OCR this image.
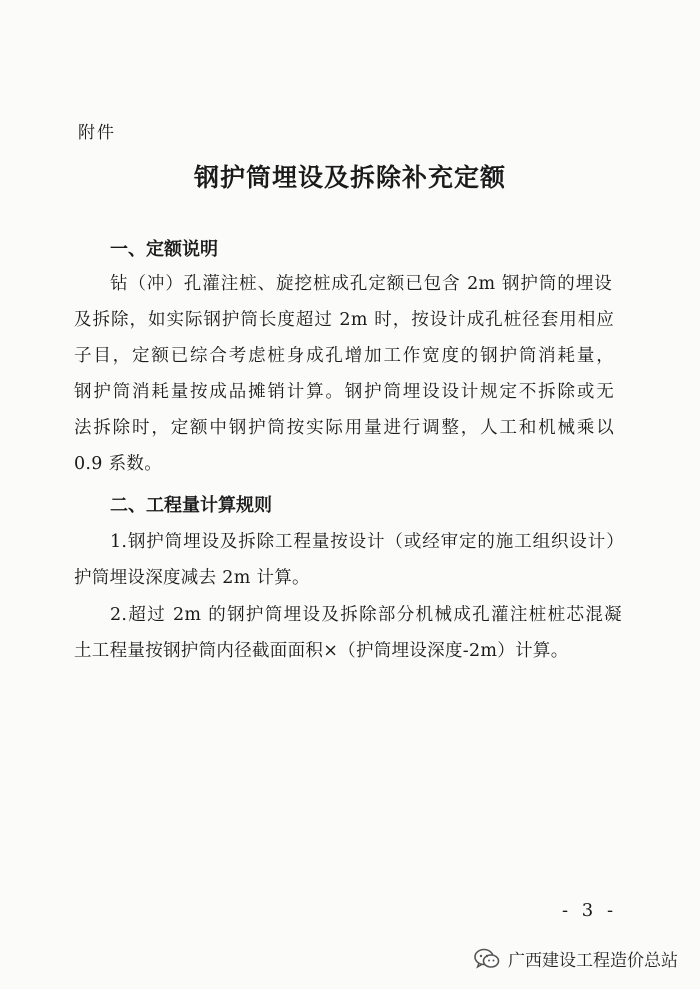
附件
钢护筒埋设及拆除补充定额
一、定额说明
钻（冲）孔灌注桩、旋挖桩成孔定额已包含 2m 钢护筒的埋设
及拆除，如实际钢护筒长度超过 2m 时，按设计成孔桩径套用相应
子目，定额已综合考虑桩身成孔增加工作宽度的钢护筒消耗量，
钢护筒消耗量按成品摊销计算。钢护筒埋设设计规定不拆除或无
法拆除时，定额中钢护筒按实际用量进行调整，人工和机械乘以
0.9 系数。
二、工程量计算规则
1.钢护筒埋设及拆除工程量按设计（或经审定的施工组织设计）
护筒埋设深度减去 2m 计算。
2.超过 2m 的钢护筒埋设及拆除部分机械成孔灌注桩桩芯混凝
土工程量按钢护筒内径截面面积×（护筒埋设深度-2m）计算。
- 3 -
广西建设工程造价总站
